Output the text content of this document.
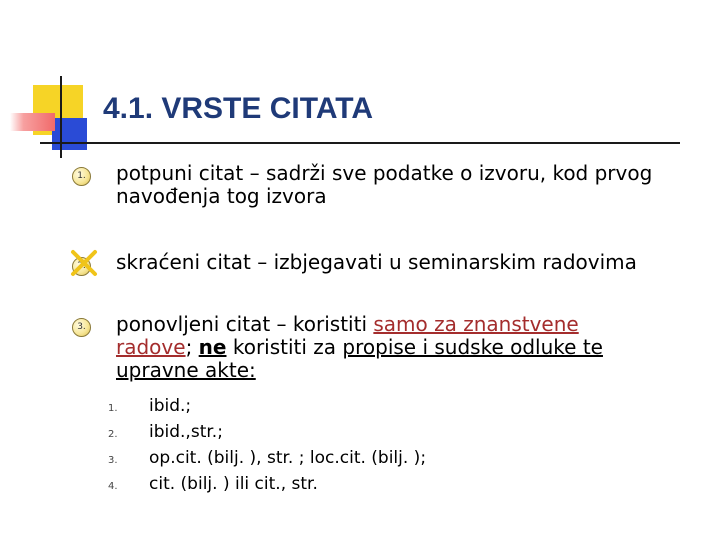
4.1. VRSTE CITATA
1. potpuni citat – sadrži sve podatke o izvoru, kod prvog navođenja tog izvora
skraćeni citat – izbjegavati u seminarskim radovima
3. ponovljeni citat – koristiti samo za znanstvene radove; ne koristiti za propise i sudske odluke te upravne akte:
1. ibid.;
2. ibid.,str.;
3. op.cit. (bilj. ), str. ; loc.cit. (bilj. );
4. cit. (bilj. ) ili cit., str.
